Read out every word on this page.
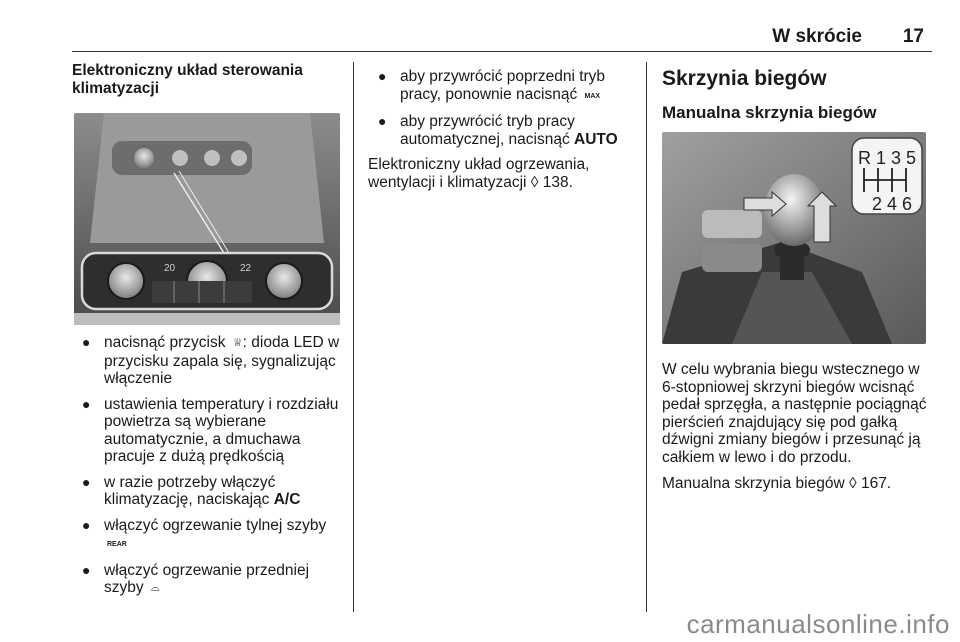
W skrócie 17
Elektroniczny układ sterowania klimatyzacji
20	22
● nacisnąć przycisk ♕: dioda LED w przycisku zapala się, sygnalizując włączenie
● ustawienia temperatury i rozdziału powietrza są wybierane automatycznie, a dmuchawa pracuje z dużą prędkością
● w razie potrzeby włączyć klimatyzację, naciskając A/C
● włączyć ogrzewanie tylnej szyby REAR
● włączyć ogrzewanie przedniej szyby ⌓
● aby przywrócić poprzedni tryb pracy, ponownie nacisnąć MAX
● aby przywrócić tryb pracy automatycznej, nacisnąć AUTO

Elektroniczny układ ogrzewania, wentylacji i klimatyzacji ◊ 138.

Skrzynia biegów
Manualna skrzynia biegów
R 1 3 5
2 4 6

W celu wybrania biegu wstecznego w 6-stopniowej skrzyni biegów wcisnąć pedał sprzęgła, a następnie pociągnąć pierścień znajdujący się pod gałką dźwigni zmiany biegów i przesunąć ją całkiem w lewo i do przodu.

Manualna skrzynia biegów ◊ 167.

carmanualsonline.info
